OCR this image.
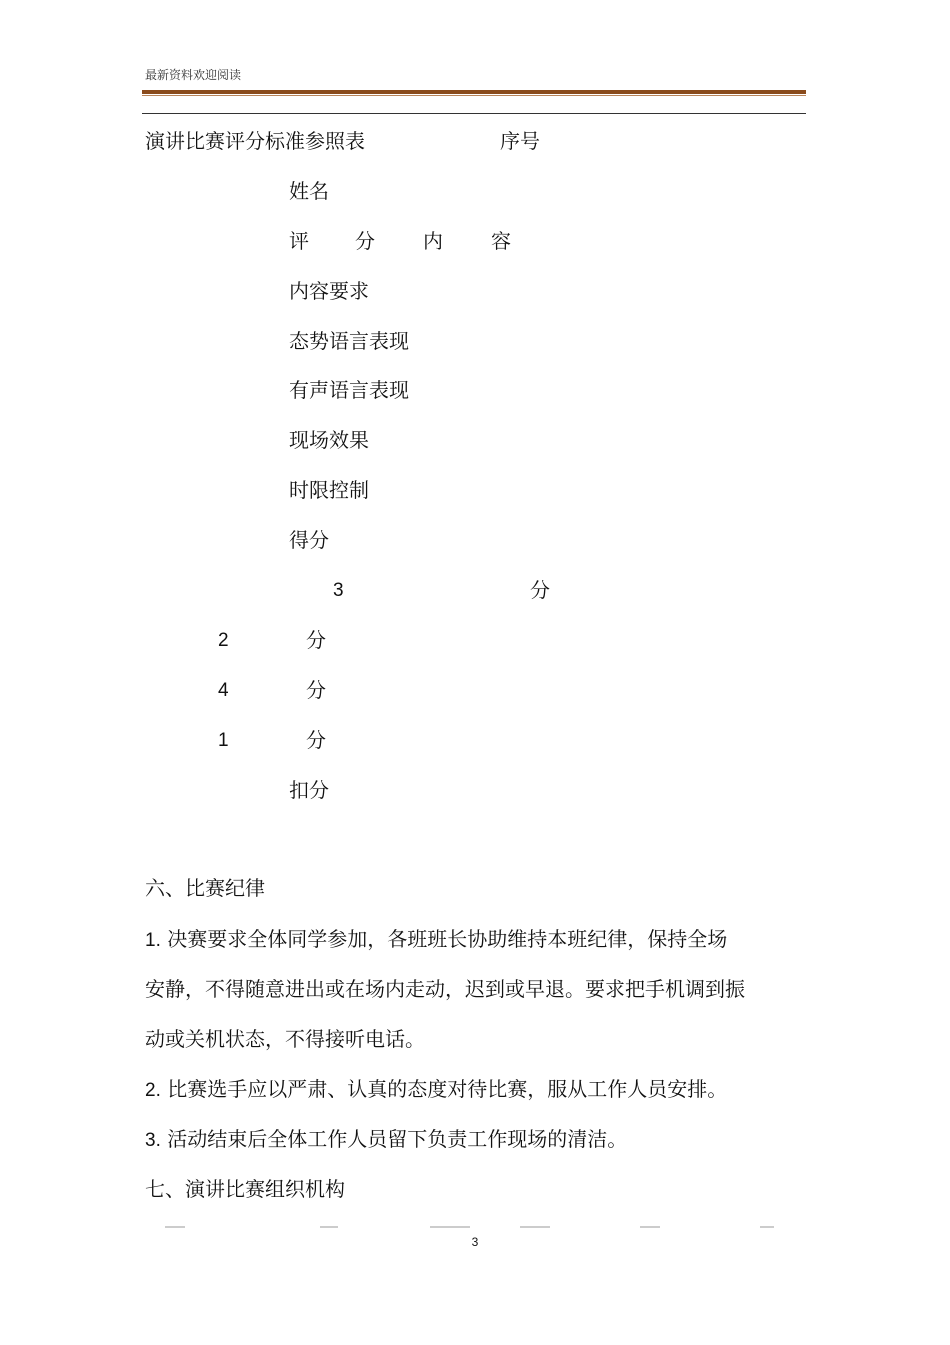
最新资料欢迎阅读
演讲比赛评分标准参照表	序号
姓名
评 分 内 容
内容要求
态势语言表现
有声语言表现
现场效果
时限控制
得分
3	分
2	分
4	分
1	分
扣分
六、比赛纪律
1. 决赛要求全体同学参加，各班班长协助维持本班纪律，保持全场
安静，不得随意进出或在场内走动，迟到或早退。要求把手机调到振
动或关机状态，不得接听电话。
2. 比赛选手应以严肃、认真的态度对待比赛，服从工作人员安排。
3. 活动结束后全体工作人员留下负责工作现场的清洁。
七、演讲比赛组织机构
3
